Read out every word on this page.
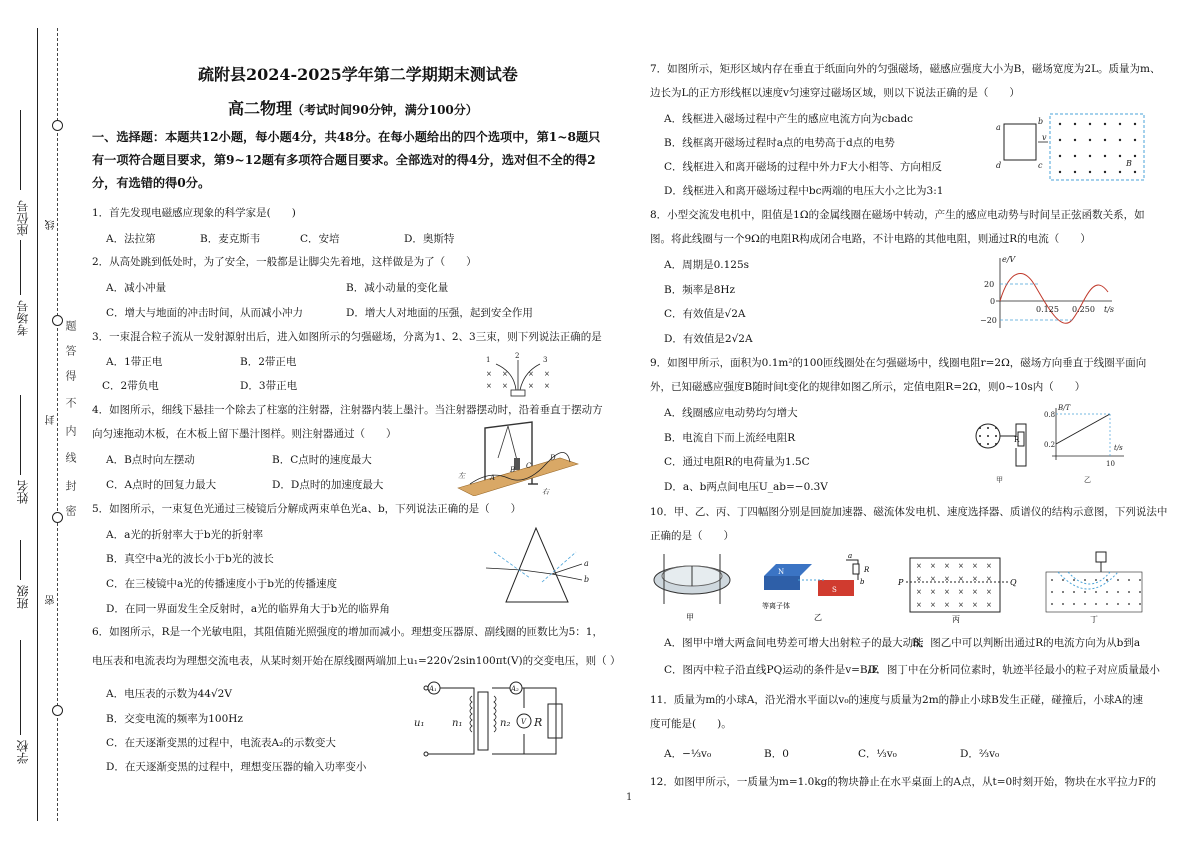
座位号
考场号
姓名
班级
学校
线
封
密
题
答
得
不
内
线
封
密
疏附县2024-2025学年第二学期期末测试卷
高二物理（考试时间90分钟，满分100分）
一、选择题：本题共12小题，每小题4分，共48分。在每小题给出的四个选项中，第1~8题只有一项符合题目要求，第9~12题有多项符合题目要求。全部选对的得4分，选对但不全的得2分，有选错的得0分。
1．首先发现电磁感应现象的科学家是(　　)
A．法拉第	B．麦克斯韦	C．安培	D．奥斯特
2．从高处跳到低处时，为了安全，一般都是让脚尖先着地，这样做是为了（　　）
A．减小冲量	B．减小动量的变化量
C．增大与地面的冲击时间，从而减小冲力	D．增大人对地面的压强，起到安全作用
3．一束混合粒子流从一发射源射出后，进入如图所示的匀强磁场，分离为1、2、3三束，则下列说法正确的是
A．1带正电	B．2带正电
C．2带负电	D．3带正电
1	2	3
× ×	× ×
× ×	× ×
4．如图所示，细线下悬挂一个除去了柱塞的注射器，注射器内装上墨汁。当注射器摆动时，沿着垂直于摆动方
向匀速拖动木板，在木板上留下墨汁图样。则注射器通过（　　）
A．B点时向左摆动	B．C点时的速度最大
C．A点时的回复力最大	D．D点时的加速度最大
左
右
A
B C
D
5．如图所示，一束复色光通过三棱镜后分解成两束单色光a、b，下列说法正确的是（　　）
A．a光的折射率大于b光的折射率
B．真空中a光的波长小于b光的波长
C．在三棱镜中a光的传播速度小于b光的传播速度
D．在同一界面发生全反射时，a光的临界角大于b光的临界角
a
b
6．如图所示，R是一个光敏电阻，其阻值随光照强度的增加而减小。理想变压器原、副线圈的匝数比为5：1，
电压表和电流表均为理想交流电表，从某时刻开始在原线圈两端加上u₁=220√2sin100πt(V)的交变电压，则（ ）
A．电压表的示数为44√2V
B．交变电流的频率为100Hz
C．在天逐渐变黑的过程中，电流表A₂的示数变大
D．在天逐渐变黑的过程中，理想变压器的输入功率变小
A₁	A₂
u₁	n₁	n₂ V R
7．如图所示，矩形区域内存在垂直于纸面向外的匀强磁场，磁感应强度大小为B，磁场宽度为2L。质量为m、
边长为L的正方形线框以速度v匀速穿过磁场区域，则以下说法正确的是（　　）
A．线框进入磁场过程中产生的感应电流方向为cbadc
B．线框离开磁场过程时a点的电势高于d点的电势
C．线框进入和离开磁场的过程中外力F大小相等、方向相反
D．线框进入和离开磁场过程中bc两端的电压大小之比为3:1
a
b
c
d
v
B
8．小型交流发电机中，阻值是1Ω的金属线圈在磁场中转动，产生的感应电动势与时间呈正弦函数关系，如
图。将此线圈与一个9Ω的电阻R构成闭合电路，不计电路的其他电阻，则通过R的电流（　　）
A．周期是0.125s
B．频率是8Hz
C．有效值是√2A
D．有效值是2√2A
e/V
t/s
20
0
−20
0.125 0.250
9．如图甲所示，面积为0.1m²的100匝线圈处在匀强磁场中，线圈电阻r=2Ω，磁场方向垂直于线圈平面向
外，已知磁感应强度B随时间t变化的规律如图乙所示，定值电阻R=2Ω，则0~10s内（　　）
A．线圈感应电动势均匀增大
B．电流自下而上流经电阻R
C．通过电阻R的电荷量为1.5C
D．a、b两点间电压U_ab=−0.3V
R
B/T
t/s
0.8
0.2
10
甲	乙
10．甲、乙、丙、丁四幅图分别是回旋加速器、磁流体发电机、速度选择器、质谱仪的结构示意图，下列说法中
正确的是（　　）
甲
N
S
a
b
R
等离子体
乙
×
×
×
×
×
×
×
×
×
×
×
×
×
×
×
×
×
×
×
×
×
×
×
×
P	Q
丙	丁
A．图甲中增大两盒间电势差可增大出射粒子的最大动能
B．图乙中可以判断出通过R的电流方向为从b到a
C．图丙中粒子沿直线PQ运动的条件是v=B/E
D．图丁中在分析同位素时，轨迹半径最小的粒子对应质量最小
11．质量为m的小球A，沿光滑水平面以v₀的速度与质量为2m的静止小球B发生正碰，碰撞后，小球A的速
度可能是(　　)。
A．−⅓v₀	B．0	C．⅓v₀	D．⅔v₀
12．如图甲所示，一质量为m=1.0kg的物块静止在水平桌面上的A点，从t=0时刻开始，物块在水平拉力F的
1
